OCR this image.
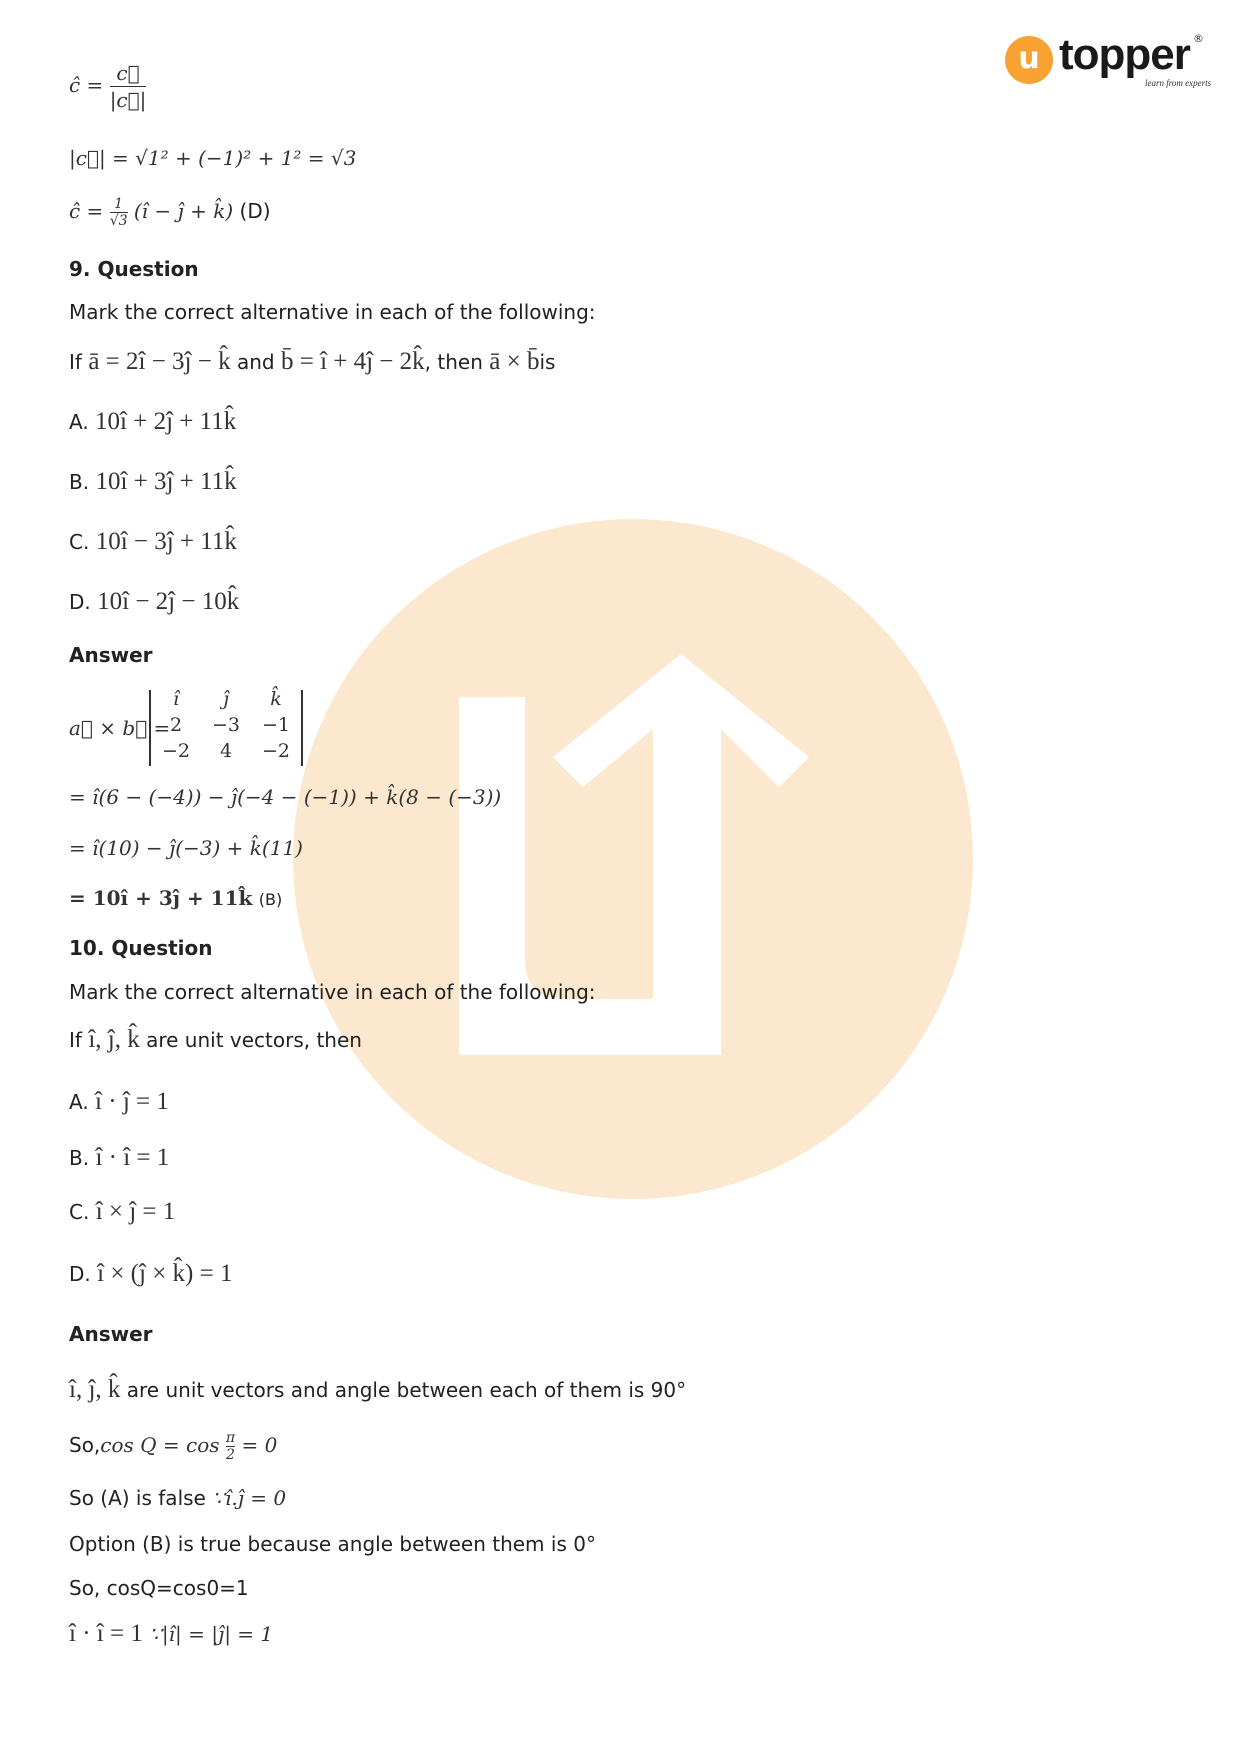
u topper
learn from experts
®
ĉ = $\frac{c⃗}{|c⃗|}$
|c⃗| = √1² + (−1)² + 1² = √3
ĉ = $\frac{1}{√3}$ (î − ĵ + k̂) (D)
9. Question
Mark the correct alternative in each of the following:
If ā = 2î − 3ĵ − k̂ and b̄ = î + 4ĵ − 2k̂, then ā × b̄is
A. 10î + 2ĵ + 11k̂
B. 10î + 3ĵ + 11k̂
C. 10î − 3ĵ + 11k̂
D. 10î − 2ĵ − 10k̂
Answer
a⃗ × b⃗ =
î	ĵ	k̂
2	−3	−1
−2	4	−2
= î(6 − (−4)) − ĵ(−4 − (−1)) + k̂(8 − (−3))
= î(10) − ĵ(−3) + k̂(11)
= 10î + 3ĵ + 11k̂ (B)
10. Question
Mark the correct alternative in each of the following:
If î, ĵ, k̂ are unit vectors, then
A. î · ĵ = 1
B. î · î = 1
C. î × ĵ = 1
D. î × (ĵ × k̂) = 1
Answer
î, ĵ, k̂ are unit vectors and angle between each of them is 90°
So,cos $Q = \cos \frac{\pi}{2} = 0$
So (A) is false ∵î.ĵ = 0
Option (B) is true because angle between them is 0°
So, cosQ=cos0=1
î · î = 1 ∵|î| = |ĵ| = 1
